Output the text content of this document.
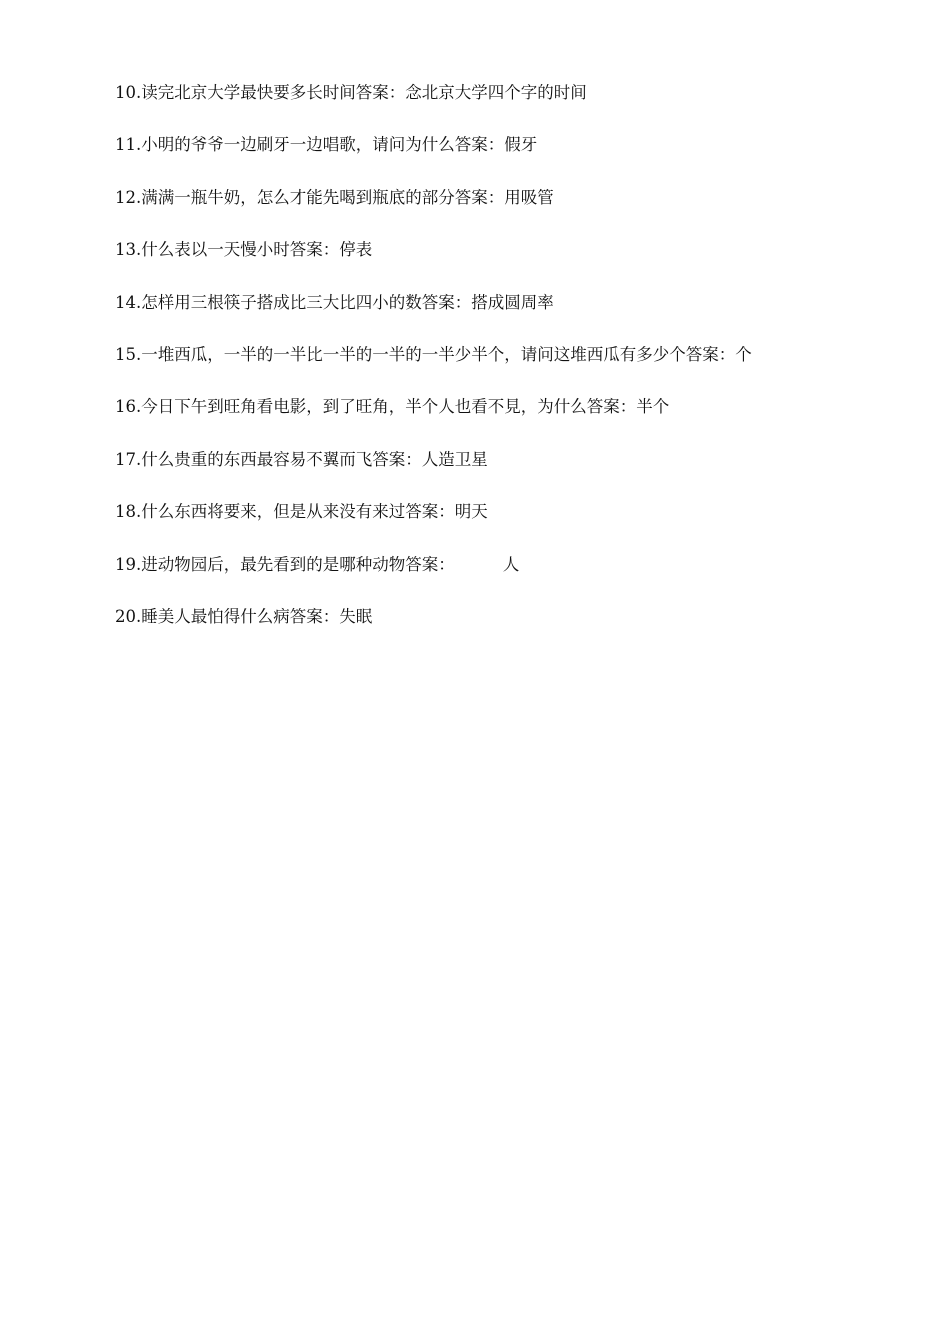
10.读完北京大学最快要多长时间答案：念北京大学四个字的时间
11.小明的爷爷一边刷牙一边唱歌，请问为什么答案：假牙
12.满满一瓶牛奶，怎么才能先喝到瓶底的部分答案：用吸管
13.什么表以一天慢小时答案：停表
14.怎样用三根筷子搭成比三大比四小的数答案：搭成圆周率
15.一堆西瓜，一半的一半比一半的一半的一半少半个，请问这堆西瓜有多少个答案：个
16.今日下午到旺角看电影，到了旺角，半个人也看不見，为什么答案：半个
17.什么贵重的东西最容易不翼而飞答案：人造卫星
18.什么东西将要来，但是从来没有来过答案：明天
19.进动物园后，最先看到的是哪种动物答案：	人
20.睡美人最怕得什么病答案：失眠
